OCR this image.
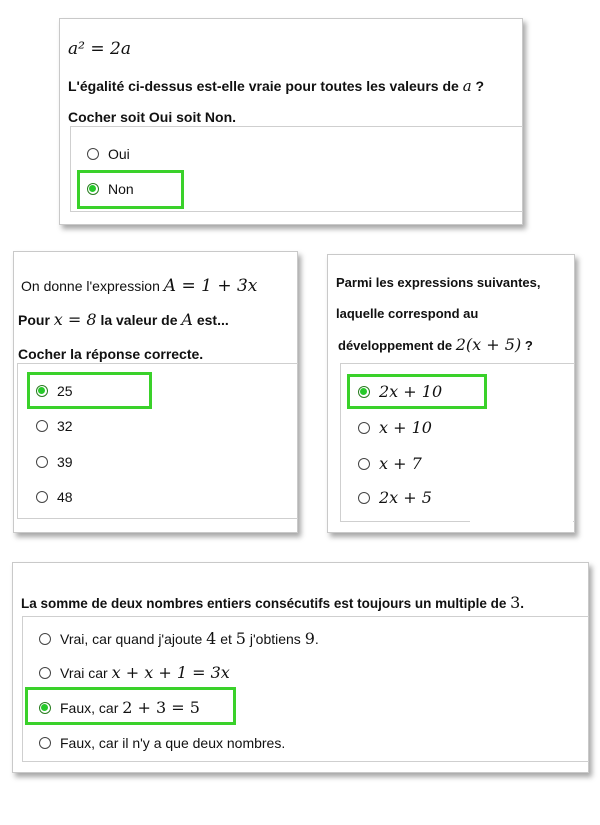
a² = 2a
L'égalité ci-dessus est-elle vraie pour toutes les valeurs de a ?
Cocher soit Oui soit Non.
Oui
Non
On donne l'expression A = 1 + 3x
Pour x = 8 la valeur de A est...
Cocher la réponse correcte.
25
32
39
48
Parmi les expressions suivantes,
laquelle correspond au
développement de 2(x + 5) ?
2x + 10
x + 10
x + 7
2x + 5
La somme de deux nombres entiers consécutifs est toujours un multiple de 3.
Vrai, car quand j'ajoute 4 et 5 j'obtiens 9.
Vrai car x + x + 1 = 3x
Faux, car 2 + 3 = 5
Faux, car il n'y a que deux nombres.
